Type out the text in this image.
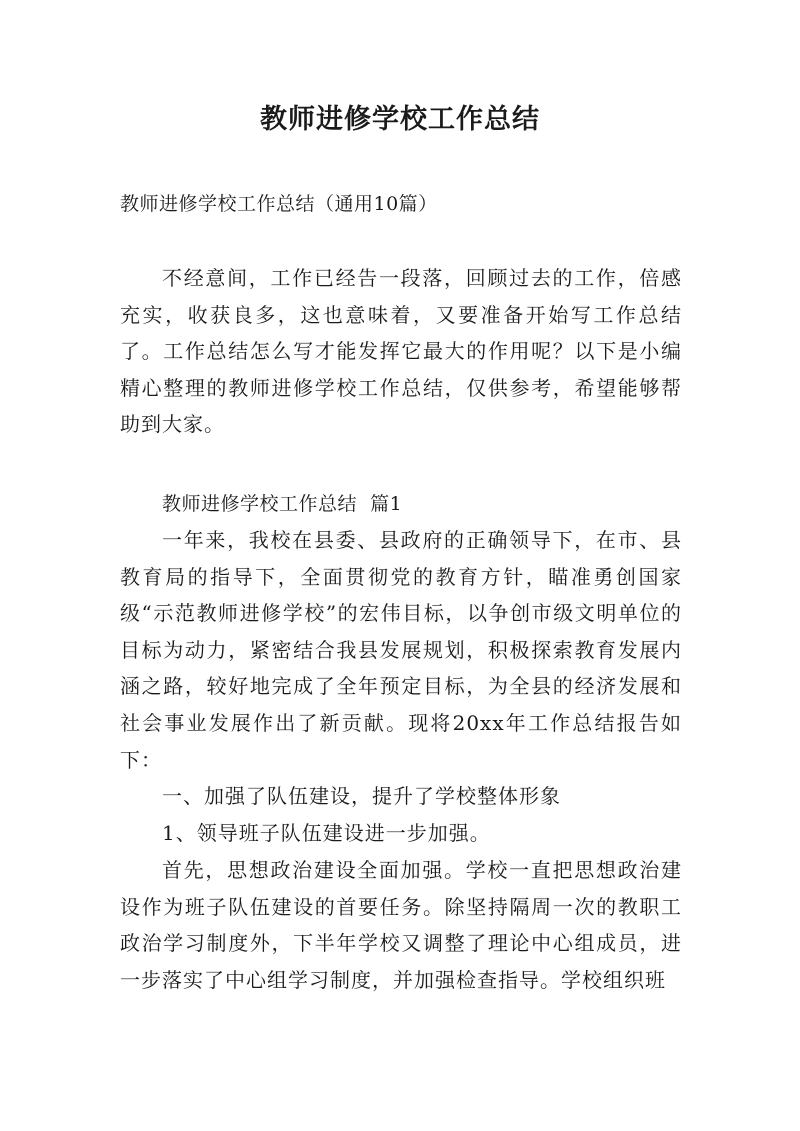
教师进修学校工作总结
教师进修学校工作总结（通用10篇）
不经意间，工作已经告一段落，回顾过去的工作，倍感充实，收获良多，这也意味着，又要准备开始写工作总结了。工作总结怎么写才能发挥它最大的作用呢？以下是小编精心整理的教师进修学校工作总结，仅供参考，希望能够帮助到大家。
教师进修学校工作总结  篇1
一年来，我校在县委、县政府的正确领导下，在市、县教育局的指导下，全面贯彻党的教育方针，瞄准勇创国家级“示范教师进修学校”的宏伟目标，以争创市级文明单位的目标为动力，紧密结合我县发展规划，积极探索教育发展内涵之路，较好地完成了全年预定目标，为全县的经济发展和社会事业发展作出了新贡献。现将20xx年工作总结报告如下：
一、加强了队伍建设，提升了学校整体形象
1、领导班子队伍建设进一步加强。
首先，思想政治建设全面加强。学校一直把思想政治建设作为班子队伍建设的首要任务。除坚持隔周一次的教职工政治学习制度外，下半年学校又调整了理论中心组成员，进一步落实了中心组学习制度，并加强检查指导。学校组织班
